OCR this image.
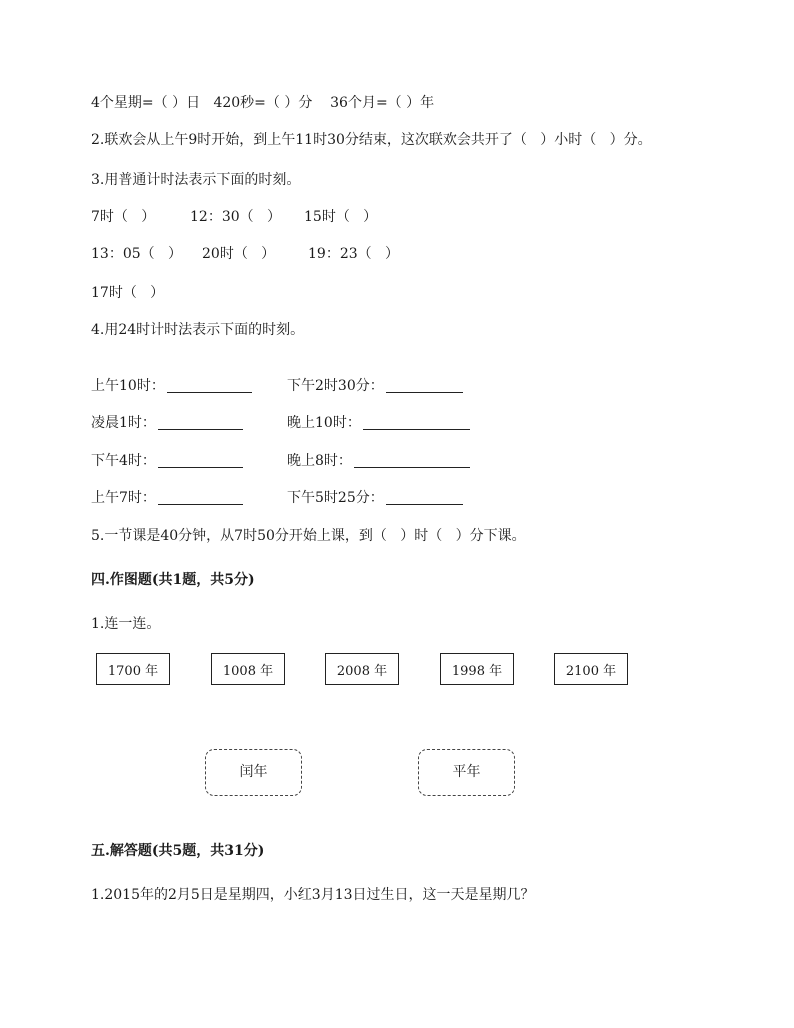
4个星期=（ ）日   420秒=（ ）分    36个月=（ ）年
2.联欢会从上午9时开始，到上午11时30分结束，这次联欢会共开了（   ）小时（   ）分。
3.用普通计时法表示下面的时刻。
7时（   ） 12：30（   ） 15时（   ）
13：05（   ） 20时（   ） 19：23（   ）
17时（   ）
4.用24时计时法表示下面的时刻。
上午10时：	下午2时30分：
凌晨1时：	晚上10时：
下午4时：	晚上8时：
上午7时：	下午5时25分：
5.一节课是40分钟，从7时50分开始上课，到（   ）时（   ）分下课。
四.作图题(共1题，共5分)
1.连一连。
1700 年	1008 年	2008 年	1998 年	2100 年
闰年	平年
五.解答题(共5题，共31分)
1.2015年的2月5日是星期四，小红3月13日过生日，这一天是星期几？
